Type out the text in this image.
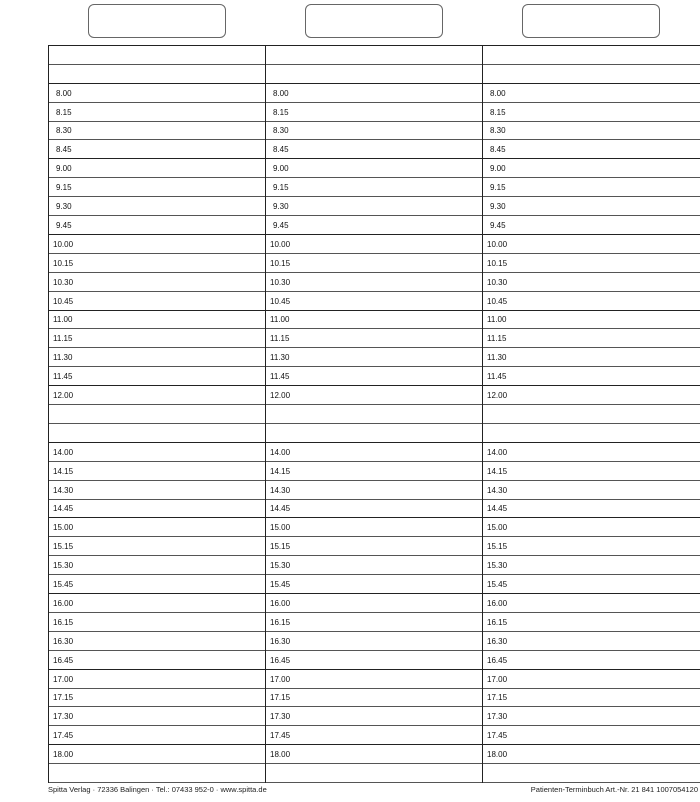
8.00
8.15
8.30
8.45
9.00
9.15
9.30
9.45
10.00
10.15
10.30
10.45
11.00
11.15
11.30
11.45
12.00
14.00
14.15
14.30
14.45
15.00
15.15
15.30
15.45
16.00
16.15
16.30
16.45
17.00
17.15
17.30
17.45
18.00
8.00
8.15
8.30
8.45
9.00
9.15
9.30
9.45
10.00
10.15
10.30
10.45
11.00
11.15
11.30
11.45
12.00
14.00
14.15
14.30
14.45
15.00
15.15
15.30
15.45
16.00
16.15
16.30
16.45
17.00
17.15
17.30
17.45
18.00
8.00
8.15
8.30
8.45
9.00
9.15
9.30
9.45
10.00
10.15
10.30
10.45
11.00
11.15
11.30
11.45
12.00
14.00
14.15
14.30
14.45
15.00
15.15
15.30
15.45
16.00
16.15
16.30
16.45
17.00
17.15
17.30
17.45
18.00
Spitta Verlag · 72336 Balingen · Tel.: 07433 952-0 · www.spitta.de	Patienten-Terminbuch Art.-Nr. 21 841 1007054120
